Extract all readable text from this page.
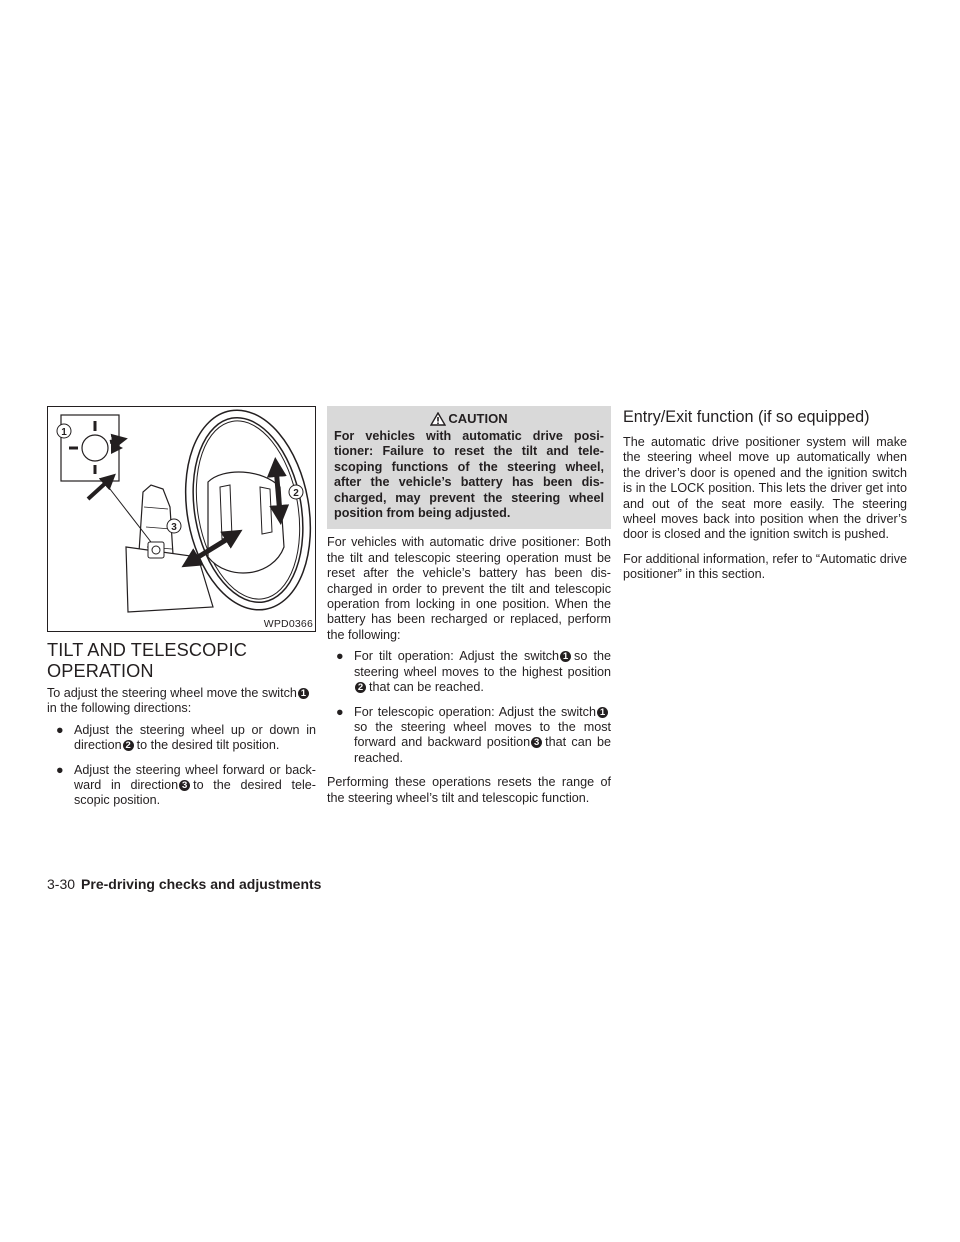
1
2
3
WPD0366
TILT AND TELESCOPIC OPERATION

To adjust the steering wheel move the switch 1 in the following directions:

● Adjust the steering wheel up or down in direction 2 to the desired tilt position.
● Adjust the steering wheel forward or back-ward in direction 3 to the desired tele-scopic position.
CAUTION
For vehicles with automatic drive posi-tioner: Failure to reset the tilt and tele-scoping functions of the steering wheel, after the vehicle’s battery has been dis-charged, may prevent the steering wheel position from being adjusted.

For vehicles with automatic drive positioner: Both the tilt and telescopic steering operation must be reset after the vehicle’s battery has been dis-charged in order to prevent the tilt and telescopic operation from locking in one position. When the battery has been recharged or replaced, perform the following:

● For tilt operation: Adjust the switch 1 so the steering wheel moves to the highest position2 that can be reached.
● For telescopic operation: Adjust the switch 1so the steering wheel moves to the most forward and backward position 3 that can be reached.

Performing these operations resets the range of the steering wheel’s tilt and telescopic function.

Entry/Exit function (if so equipped)

The automatic drive positioner system will make the steering wheel move up automatically when the driver’s door is opened and the ignition switch is in the LOCK position. This lets the driver get into and out of the seat more easily. The steering wheel moves back into position when the driver’s door is closed and the ignition switch is pushed.

For additional information, refer to “Automatic drive positioner” in this section.

3-30 Pre-driving checks and adjustments
